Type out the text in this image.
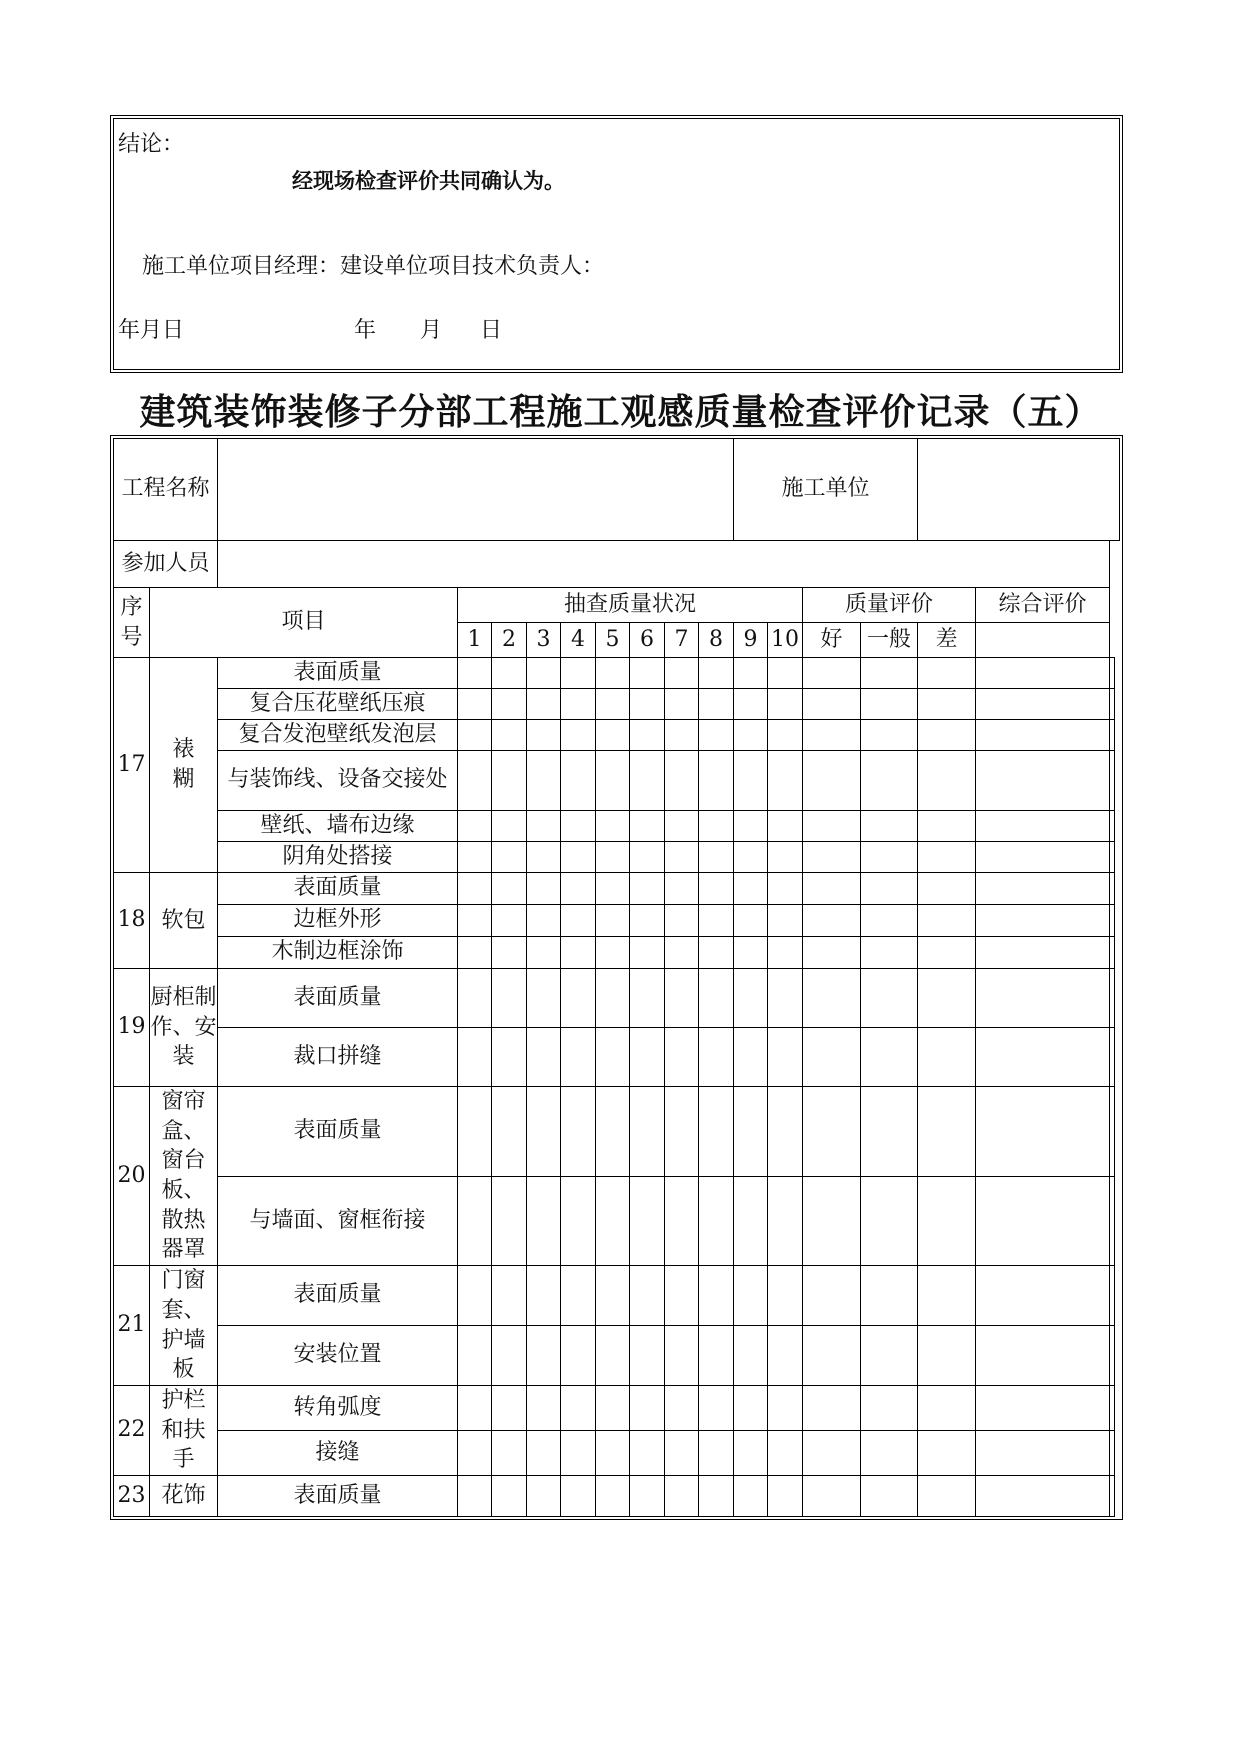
结论：
经现场检查评价共同确认为。
施工单位项目经理：建设单位项目技术负责人：
年月日	年 月 日
建筑装饰装修子分部工程施工观感质量检查评价记录（五）
工程名称											施工单位						
参加人员																	
序号	项目		抽查质量状况										质量评价			综合评价	
			1	2	3	4	5	6	7	8	9	10	好	一般	差		
17	裱糊	表面质量															
		复合压花壁纸压痕															
		复合发泡壁纸发泡层															
		与装饰线、设备交接处															
		壁纸、墙布边缘															
		阴角处搭接															
18	软包	表面质量															
		边框外形															
		木制边框涂饰															
19	厨柜制作、安装	表面质量															
		裁口拼缝															
20	窗帘盒、窗台板、散热器罩	表面质量															
		与墙面、窗框衔接															
21	门窗套、护墙板	表面质量															
		安装位置															
22	护栏和扶手	转角弧度															
		接缝															
23	花饰	表面质量															
